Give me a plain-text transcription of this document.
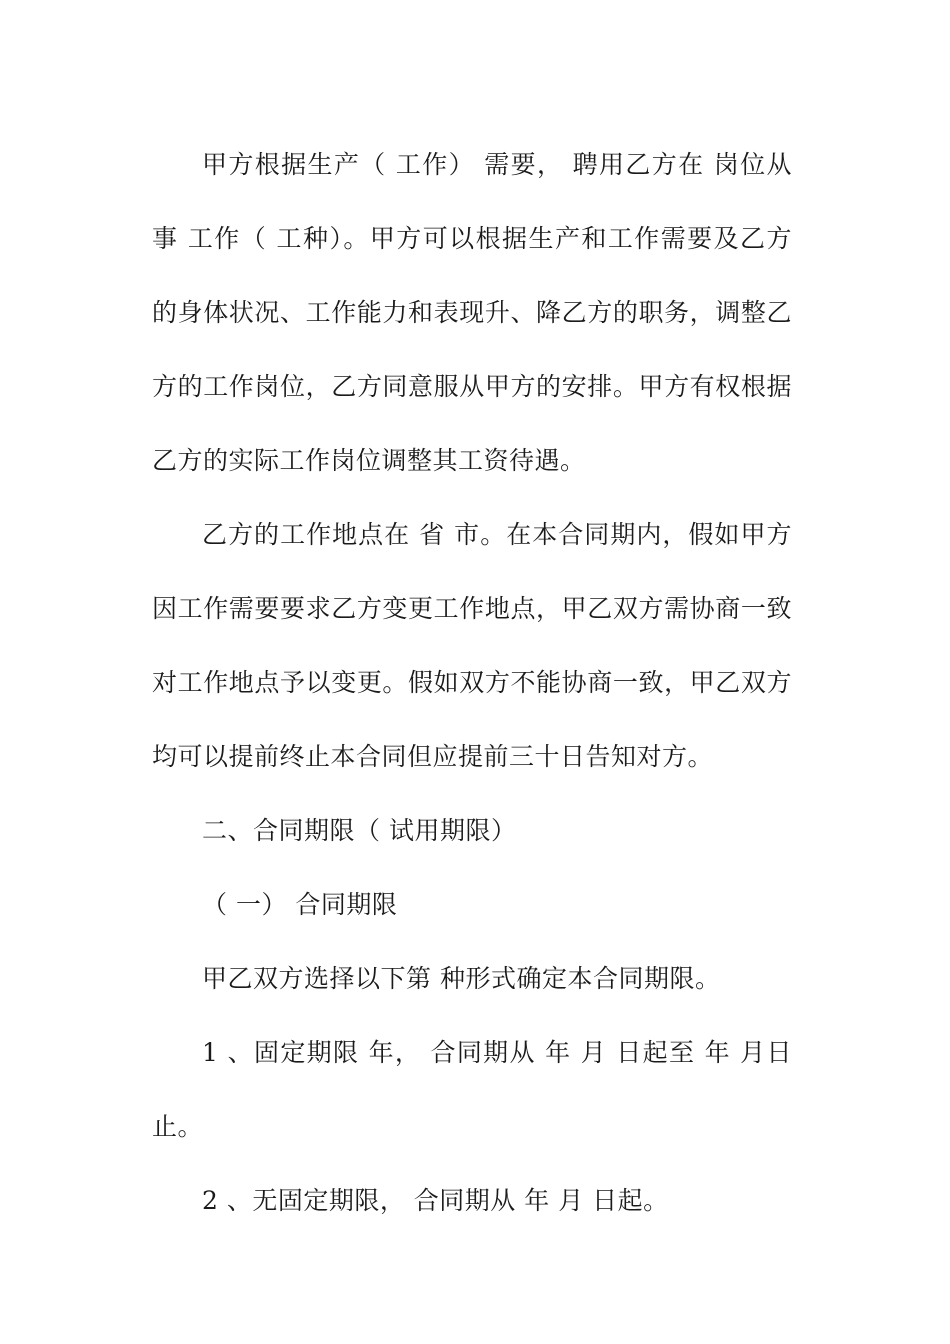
甲方根据生产（ 工作） 需要， 聘用乙方在 岗位从事 工作（ 工种）。甲方可以根据生产和工作需要及乙方的身体状况、工作能力和表现升、降乙方的职务，调整乙方的工作岗位，乙方同意服从甲方的安排。甲方有权根据乙方的实际工作岗位调整其工资待遇。

乙方的工作地点在 省 市。在本合同期内，假如甲方因工作需要要求乙方变更工作地点，甲乙双方需协商一致对工作地点予以变更。假如双方不能协商一致，甲乙双方均可以提前终止本合同但应提前三十日告知对方。

二、合同期限（ 试用期限）

（ 一） 合同期限

甲乙双方选择以下第 种形式确定本合同期限。

1 、固定期限 年， 合同期从 年 月 日起至 年 月日止。

2 、无固定期限， 合同期从 年 月 日起。
